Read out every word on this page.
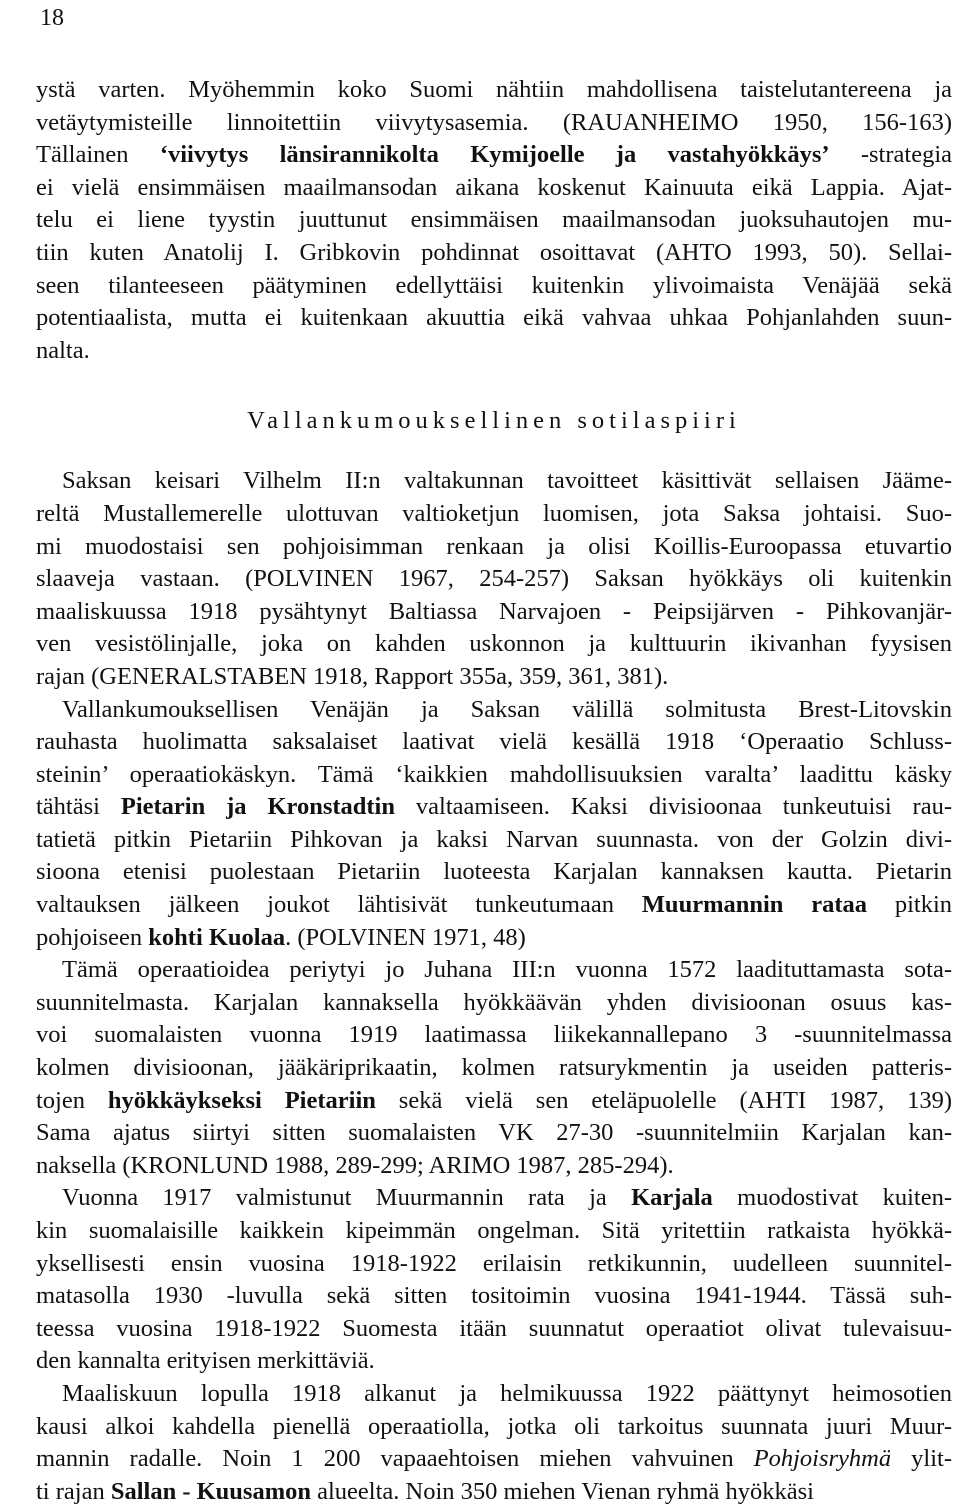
18
ystä varten. Myöhemmin koko Suomi nähtiin mahdollisena taistelutantereena ja
vetäytymisteille linnoitettiin viivytysasemia. (RAUANHEIMO 1950, 156-163)
Tällainen ‘viivytys länsirannikolta Kymijoelle ja vastahyökkäys’ -strategia
ei vielä ensimmäisen maailmansodan aikana koskenut Kainuuta eikä Lappia. Ajat-
telu ei liene tyystin juuttunut ensimmäisen maailmansodan juoksuhautojen mu-
tiin kuten Anatolij I. Gribkovin pohdinnat osoittavat (AHTO 1993, 50). Sellai-
seen tilanteeseen päätyminen edellyttäisi kuitenkin ylivoimaista Venäjää sekä
potentiaalista, mutta ei kuitenkaan akuuttia eikä vahvaa uhkaa Pohjanlahden suun-
nalta.
Vallankumouksellinen sotilaspiiri
Saksan keisari Vilhelm II:n valtakunnan tavoitteet käsittivät sellaisen Jääme-
reltä Mustallemerelle ulottuvan valtioketjun luomisen, jota Saksa johtaisi. Suo-
mi muodostaisi sen pohjoisimman renkaan ja olisi Koillis-Euroopassa etuvartio
slaaveja vastaan. (POLVINEN 1967, 254-257) Saksan hyökkäys oli kuitenkin
maaliskuussa 1918 pysähtynyt Baltiassa Narvajoen - Peipsijärven - Pihkovanjär-
ven vesistölinjalle, joka on kahden uskonnon ja kulttuurin ikivanhan fyysisen
rajan (GENERALSTABEN 1918, Rapport 355a, 359, 361, 381).
Vallankumouksellisen Venäjän ja Saksan välillä solmitusta Brest-Litovskin
rauhasta huolimatta saksalaiset laativat vielä kesällä 1918 ‘Operaatio Schluss-
steinin’ operaatiokäskyn. Tämä ‘kaikkien mahdollisuuksien varalta’ laadittu käsky
tähtäsi Pietarin ja Kronstadtin valtaamiseen. Kaksi divisioonaa tunkeutuisi rau-
tatietä pitkin Pietariin Pihkovan ja kaksi Narvan suunnasta. von der Golzin divi-
sioona etenisi puolestaan Pietariin luoteesta Karjalan kannaksen kautta. Pietarin
valtauksen jälkeen joukot lähtisivät tunkeutumaan Muurmannin rataa pitkin
pohjoiseen kohti Kuolaa. (POLVINEN 1971, 48)
Tämä operaatioidea periytyi jo Juhana III:n vuonna 1572 laadituttamasta sota-
suunnitelmasta. Karjalan kannaksella hyökkäävän yhden divisioonan osuus kas-
voi suomalaisten vuonna 1919 laatimassa liikekannallepano 3 -suunnitelmassa
kolmen divisioonan, jääkäriprikaatin, kolmen ratsurykmentin ja useiden patteris-
tojen hyökkäykseksi Pietariin sekä vielä sen eteläpuolelle (AHTI 1987, 139)
Sama ajatus siirtyi sitten suomalaisten VK 27-30 -suunnitelmiin Karjalan kan-
naksella (KRONLUND 1988, 289-299; ARIMO 1987, 285-294).
Vuonna 1917 valmistunut Muurmannin rata ja Karjala muodostivat kuiten-
kin suomalaisille kaikkein kipeimmän ongelman. Sitä yritettiin ratkaista hyökkä-
yksellisesti ensin vuosina 1918-1922 erilaisin retkikunnin, uudelleen suunnitel-
matasolla 1930 -luvulla sekä sitten tositoimin vuosina 1941-1944. Tässä suh-
teessa vuosina 1918-1922 Suomesta itään suunnatut operaatiot olivat tulevaisuu-
den kannalta erityisen merkittäviä.
Maaliskuun lopulla 1918 alkanut ja helmikuussa 1922 päättynyt heimosotien
kausi alkoi kahdella pienellä operaatiolla, jotka oli tarkoitus suunnata juuri Muur-
mannin radalle. Noin 1 200 vapaaehtoisen miehen vahvuinen Pohjoisryhmä ylit-
ti rajan Sallan - Kuusamon alueelta. Noin 350 miehen Vienan ryhmä hyökkäsi
